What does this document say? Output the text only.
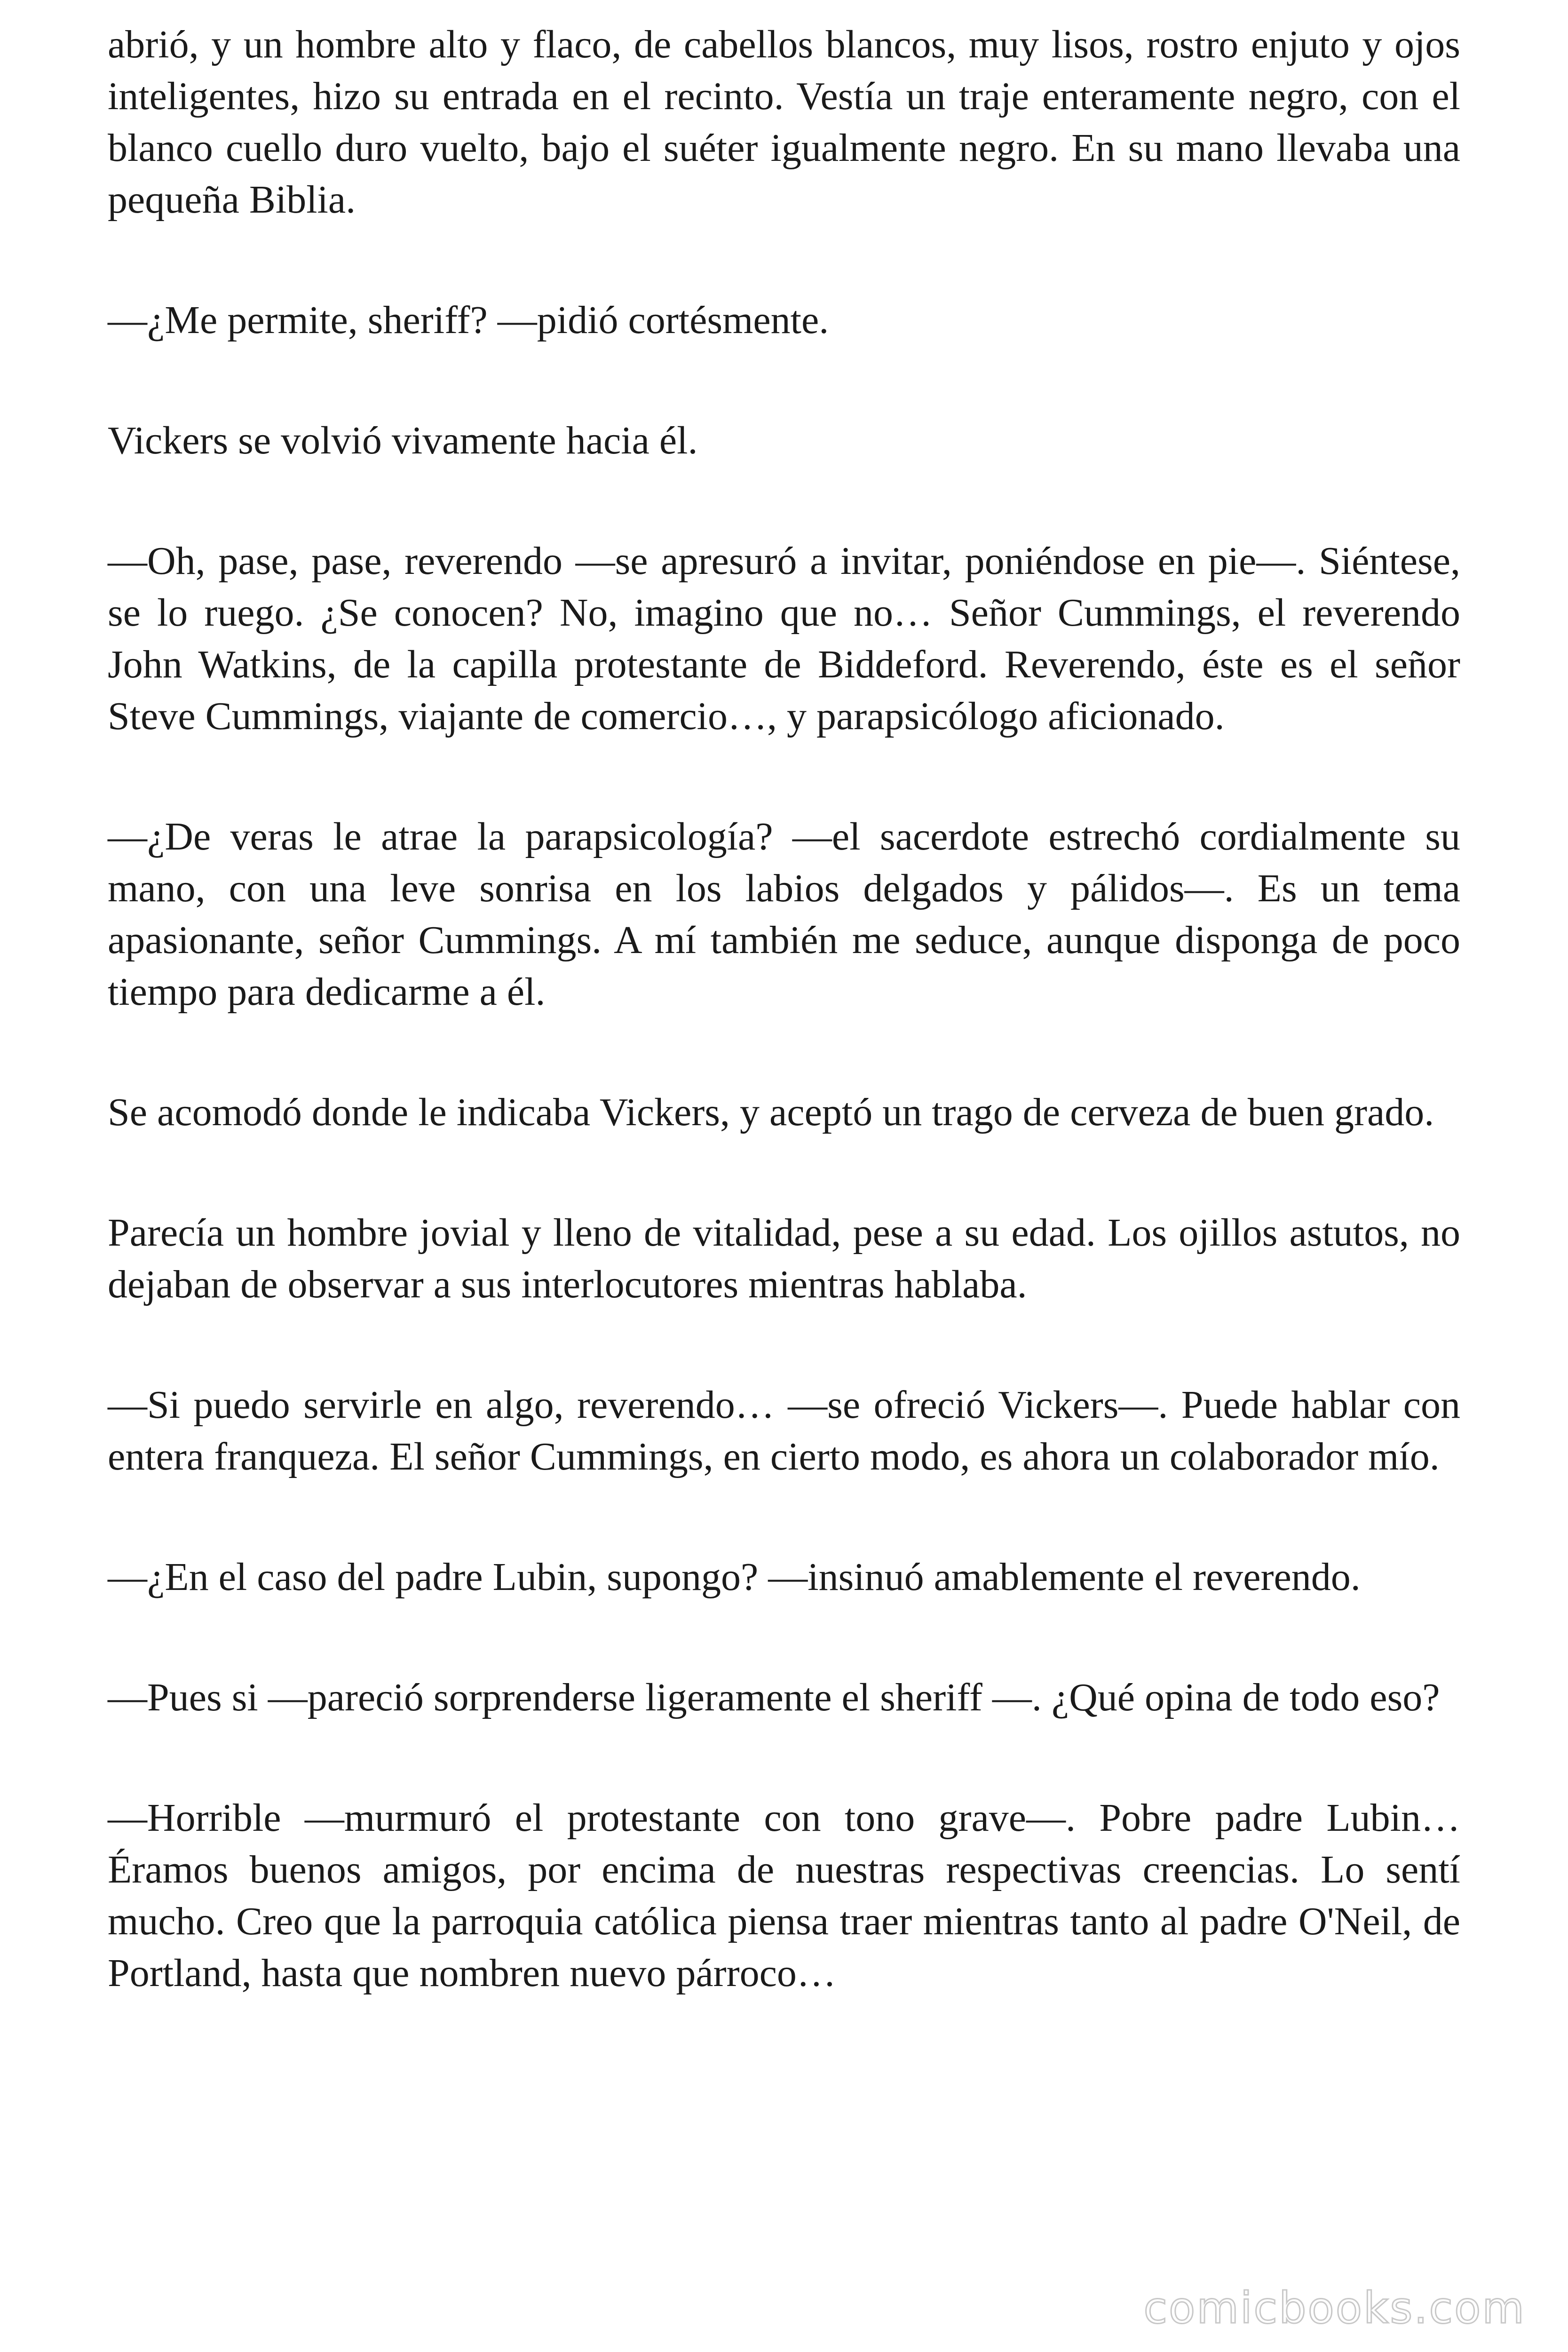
abrió, y un hombre alto y flaco, de cabellos blancos, muy lisos, rostro enjuto y ojos inteligentes, hizo su entrada en el recinto. Vestía un traje enteramente negro, con el blanco cuello duro vuelto, bajo el suéter igualmente negro. En su mano llevaba una pequeña Biblia.

—¿Me permite, sheriff? —pidió cortésmente.

Vickers se volvió vivamente hacia él.

—Oh, pase, pase, reverendo —se apresuró a invitar, poniéndose en pie—. Siéntese, se lo ruego. ¿Se conocen? No, imagino que no… Señor Cummings, el reverendo John Watkins, de la capilla protestante de Biddeford. Reverendo, éste es el señor Steve Cummings, viajante de comercio…, y parapsicólogo aficionado.

—¿De veras le atrae la parapsicología? —el sacerdote estrechó cordialmente su mano, con una leve sonrisa en los labios delgados y pálidos—. Es un tema apasionante, señor Cummings. A mí también me seduce, aunque disponga de poco tiempo para dedicarme a él.

Se acomodó donde le indicaba Vickers, y aceptó un trago de cerveza de buen grado.

Parecía un hombre jovial y lleno de vitalidad, pese a su edad. Los ojillos astutos, no dejaban de observar a sus interlocutores mientras hablaba.

—Si puedo servirle en algo, reverendo… —se ofreció Vickers—. Puede hablar con entera franqueza. El señor Cummings, en cierto modo, es ahora un colaborador mío.

—¿En el caso del padre Lubin, supongo? —insinuó amablemente el reverendo.

—Pues si —pareció sorprenderse ligeramente el sheriff —. ¿Qué opina de todo eso?

—Horrible —murmuró el protestante con tono grave—. Pobre padre Lubin… Éramos buenos amigos, por encima de nuestras respectivas creencias. Lo sentí mucho. Creo que la parroquia católica piensa traer mientras tanto al padre O'Neil, de Portland, hasta que nombren nuevo párroco…

comicbooks.com
